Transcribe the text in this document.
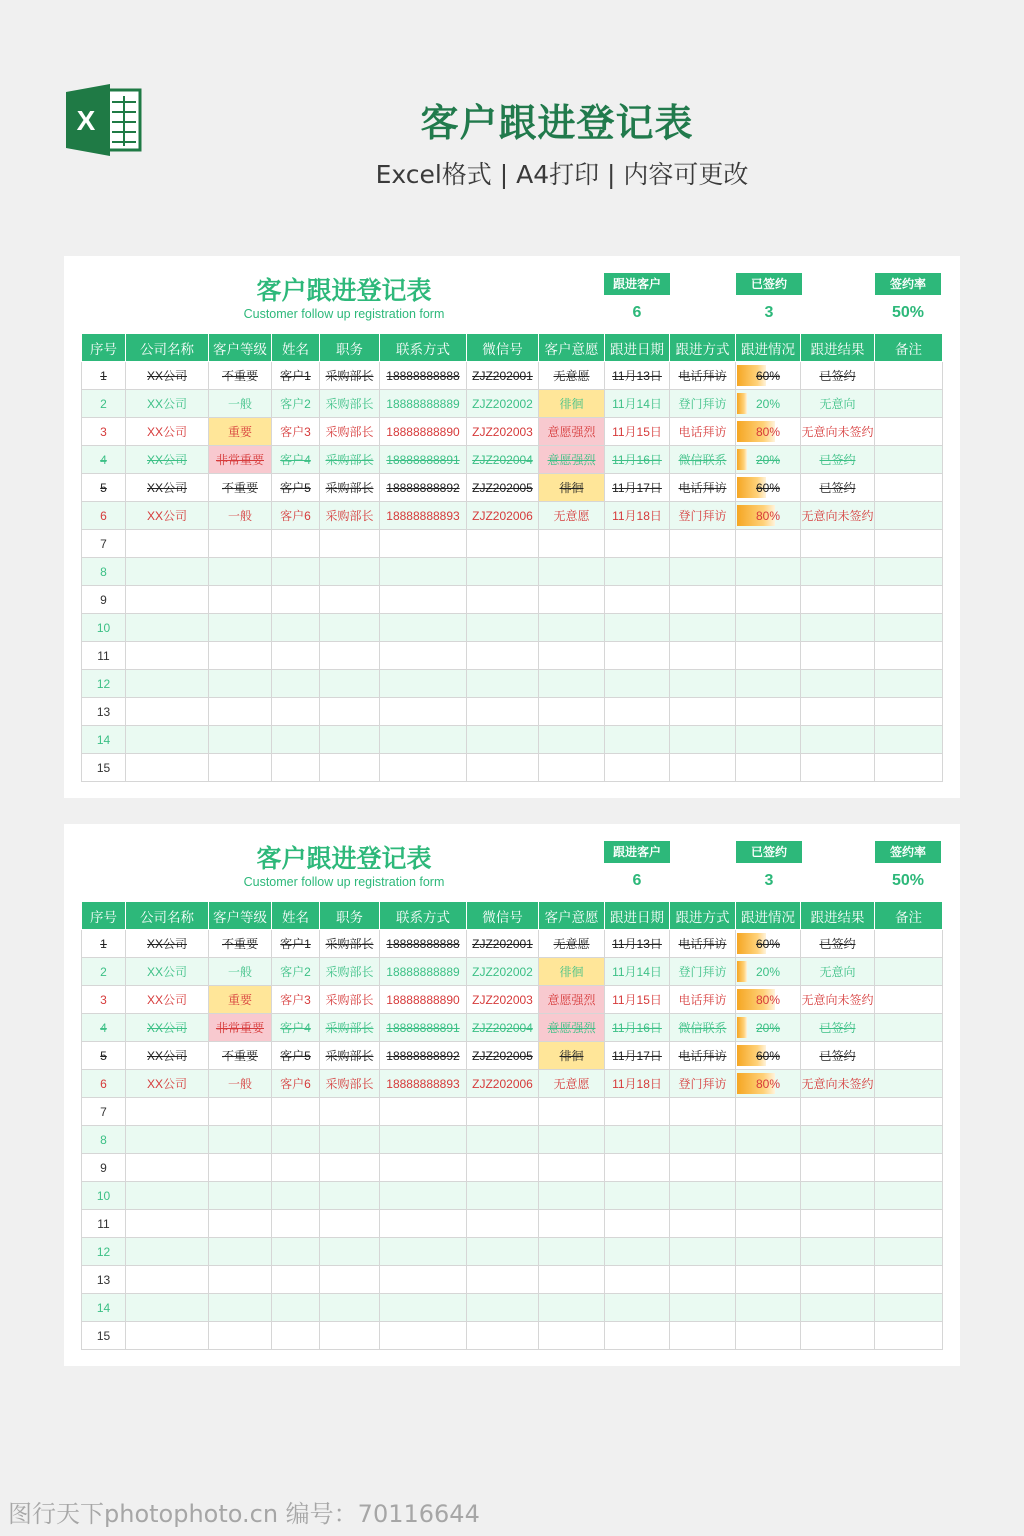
X	客户跟进登记表
Excel格式 | A4打印 | 内容可更改
客户跟进登记表
Customer follow up registration form
跟进客户
6
已签约
3
签约率
50%
序号	公司名称	客户等级	姓名	职务	联系方式	微信号	客户意愿	跟进日期	跟进方式	跟进情况	跟进结果	备注
1	XX公司	不重要	客户1	采购部长	18888888888	ZJZ202001	无意愿	11月13日	电话拜访	60%	已签约	
2	XX公司	一般	客户2	采购部长	18888888889	ZJZ202002	徘徊	11月14日	登门拜访	20%	无意向	
3	XX公司	重要	客户3	采购部长	18888888890	ZJZ202003	意愿强烈	11月15日	电话拜访	80%	无意向未签约	
4	XX公司	非常重要	客户4	采购部长	18888888891	ZJZ202004	意愿强烈	11月16日	微信联系	20%	已签约	
5	XX公司	不重要	客户5	采购部长	18888888892	ZJZ202005	徘徊	11月17日	电话拜访	60%	已签约	
6	XX公司	一般	客户6	采购部长	18888888893	ZJZ202006	无意愿	11月18日	登门拜访	80%	无意向未签约	
7												
8												
9												
10												
11												
12												
13												
14												
15												
客户跟进登记表
Customer follow up registration form
跟进客户
6
已签约
3
签约率
50%
序号	公司名称	客户等级	姓名	职务	联系方式	微信号	客户意愿	跟进日期	跟进方式	跟进情况	跟进结果	备注
1	XX公司	不重要	客户1	采购部长	18888888888	ZJZ202001	无意愿	11月13日	电话拜访	60%	已签约	
2	XX公司	一般	客户2	采购部长	18888888889	ZJZ202002	徘徊	11月14日	登门拜访	20%	无意向	
3	XX公司	重要	客户3	采购部长	18888888890	ZJZ202003	意愿强烈	11月15日	电话拜访	80%	无意向未签约	
4	XX公司	非常重要	客户4	采购部长	18888888891	ZJZ202004	意愿强烈	11月16日	微信联系	20%	已签约	
5	XX公司	不重要	客户5	采购部长	18888888892	ZJZ202005	徘徊	11月17日	电话拜访	60%	已签约	
6	XX公司	一般	客户6	采购部长	18888888893	ZJZ202006	无意愿	11月18日	登门拜访	80%	无意向未签约	
7												
8												
9												
10												
11												
12												
13												
14												
15												
图行天下photophoto.cn 编号：70116644
